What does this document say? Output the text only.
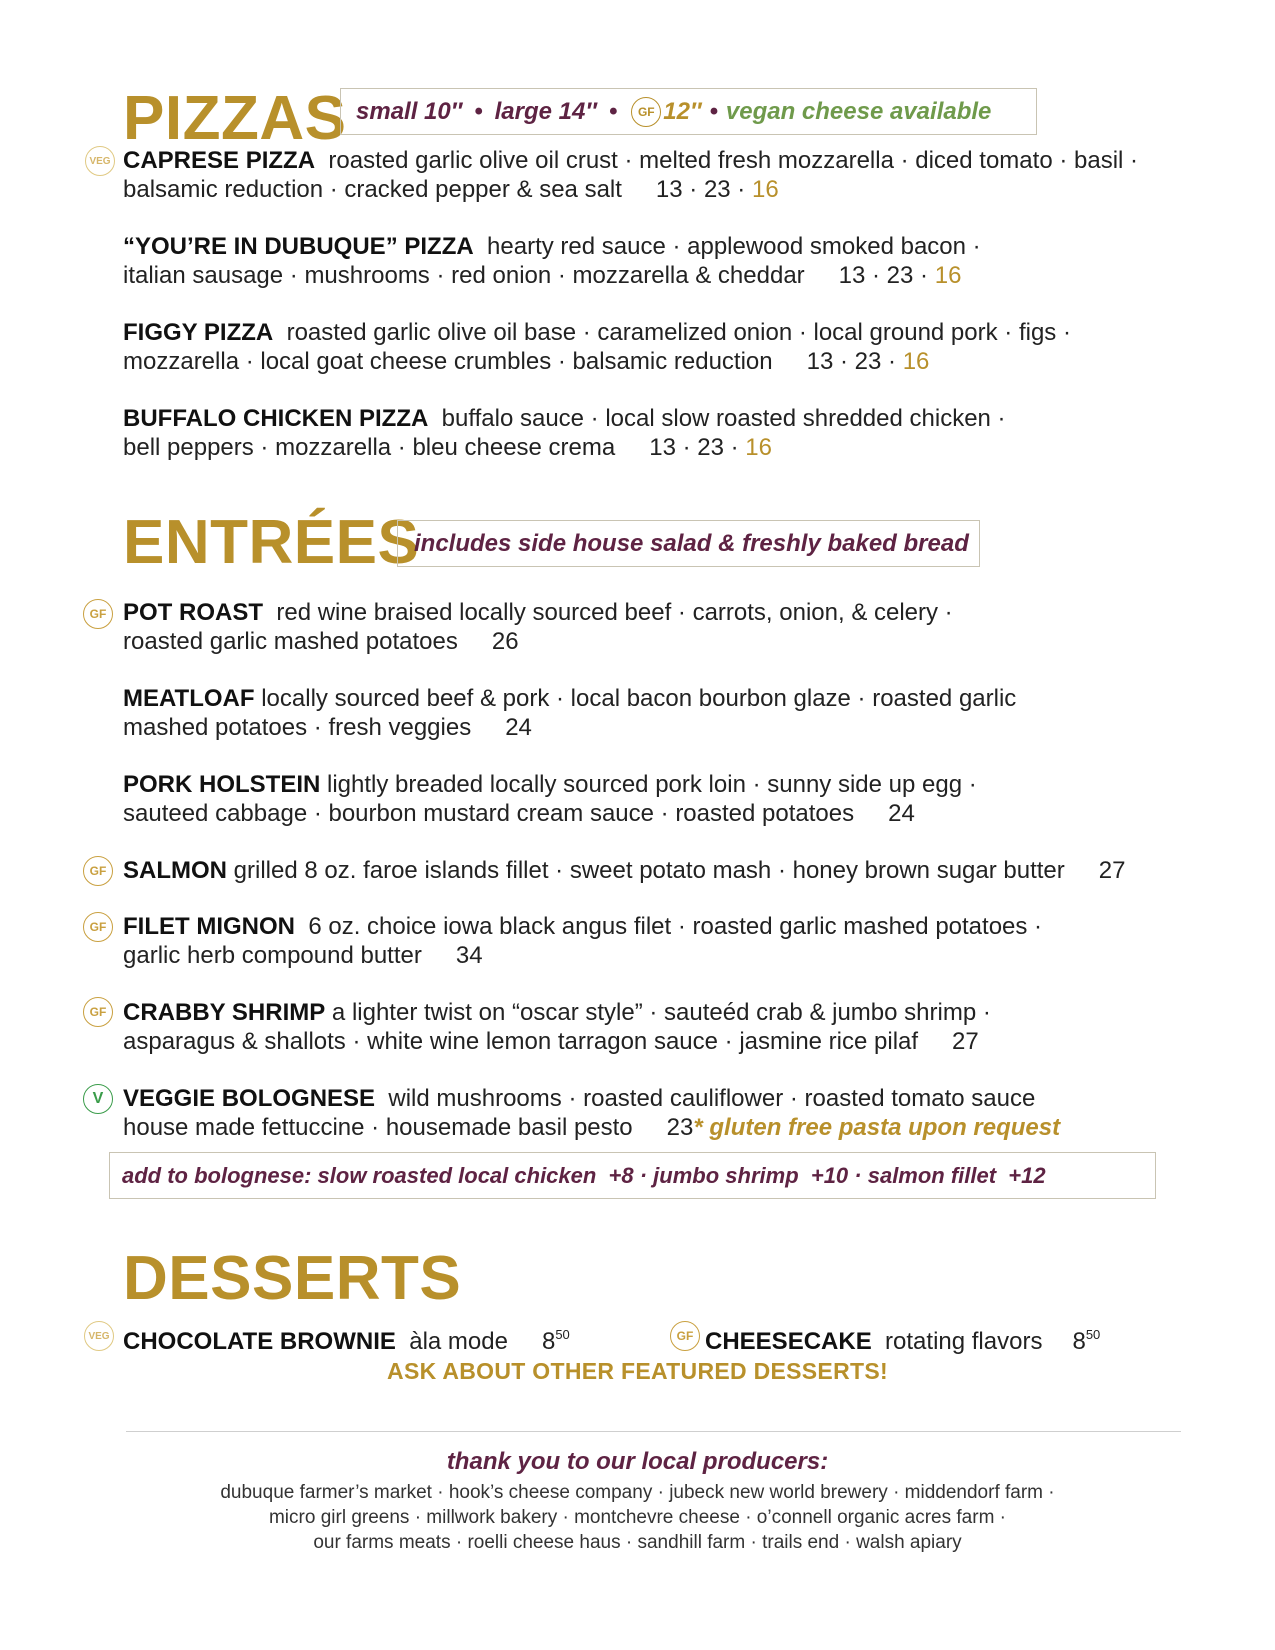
PIZZAS small 10″ • large 14″ •	GF 12″ • vegan cheese available
VEG CAPRESE PIZZA roasted garlic olive oil crust · melted fresh mozzarella · diced tomato · basil ·
balsamic reduction · cracked pepper & sea salt 13 · 23 · 16
“YOU’RE IN DUBUQUE” PIZZA hearty red sauce · applewood smoked bacon ·
italian sausage · mushrooms · red onion · mozzarella & cheddar 13 · 23 · 16
FIGGY PIZZA roasted garlic olive oil base · caramelized onion · local ground pork · figs ·
mozzarella · local goat cheese crumbles · balsamic reduction 13 · 23 · 16
BUFFALO CHICKEN PIZZA buffalo sauce · local slow roasted shredded chicken ·
bell peppers · mozzarella · bleu cheese crema 13 · 23 · 16
ENTRÉES
includes side house salad & freshly baked bread
GF POT ROAST red wine braised locally sourced beef · carrots, onion, & celery ·
roasted garlic mashed potatoes 26
MEATLOAF locally sourced beef & pork · local bacon bourbon glaze · roasted garlic
mashed potatoes · fresh veggies 24
PORK HOLSTEIN lightly breaded locally sourced pork loin · sunny side up egg ·
sauteed cabbage · bourbon mustard cream sauce · roasted potatoes 24
GF SALMON grilled 8 oz. faroe islands fillet · sweet potato mash · honey brown sugar butter 27
GF FILET MIGNON 6 oz. choice iowa black angus filet · roasted garlic mashed potatoes ·
garlic herb compound butter 34
GF CRABBY SHRIMP a lighter twist on “oscar style” · sauteéd crab & jumbo shrimp ·
asparagus & shallots · white wine lemon tarragon sauce · jasmine rice pilaf 27
V VEGGIE BOLOGNESE wild mushrooms · roasted cauliflower · roasted tomato sauce
house made fettuccine · housemade basil pesto 23* gluten free pasta upon request
add to bolognese: slow roasted local chicken  +8 · jumbo shrimp  +10 · salmon fillet  +12
DESSERTS
VEG CHOCOLATE BROWNIE àla mode $8^{50}$	GF CHEESECAKE rotating flavors $8^{50}$
ASK ABOUT OTHER FEATURED DESSERTS!
thank you to our local producers:
dubuque farmer’s market · hook’s cheese company · jubeck new world brewery · middendorf farm ·
micro girl greens · millwork bakery · montchevre cheese · o’connell organic acres farm ·
our farms meats · roelli cheese haus · sandhill farm · trails end · walsh apiary
